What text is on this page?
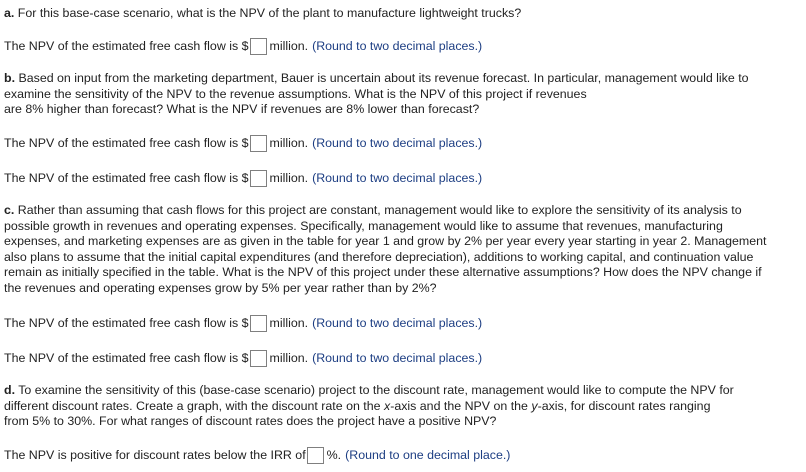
a. For this base-case scenario, what is the NPV of the plant to manufacture lightweight trucks?

The NPV of the estimated free cash flow is $ million. (Round to two decimal places.)
b. Based on input from the marketing department, Bauer is uncertain about its revenue forecast. In particular, management would like to
examine the sensitivity of the NPV to the revenue assumptions. What is the NPV of this project if revenues
are 8% higher than forecast? What is the NPV if revenues are 8% lower than forecast?
The NPV of the estimated free cash flow is $ million. (Round to two decimal places.)
The NPV of the estimated free cash flow is $ million. (Round to two decimal places.)
c. Rather than assuming that cash flows for this project are constant, management would like to explore the sensitivity of its analysis to
possible growth in revenues and operating expenses. Specifically, management would like to assume that revenues, manufacturing
expenses, and marketing expenses are as given in the table for year 1 and grow by 2% per year every year starting in year 2. Management
also plans to assume that the initial capital expenditures (and therefore depreciation), additions to working capital, and continuation value
remain as initially specified in the table. What is the NPV of this project under these alternative assumptions? How does the NPV change if
the revenues and operating expenses grow by 5% per year rather than by 2%?
The NPV of the estimated free cash flow is $ million. (Round to two decimal places.)
The NPV of the estimated free cash flow is $ million. (Round to two decimal places.)
d. To examine the sensitivity of this (base-case scenario) project to the discount rate, management would like to compute the NPV for
different discount rates. Create a graph, with the discount rate on the x-axis and the NPV on the y-axis, for discount rates ranging
from 5% to 30%. For what ranges of discount rates does the project have a positive NPV?
The NPV is positive for discount rates below the IRR of %. (Round to one decimal place.)
